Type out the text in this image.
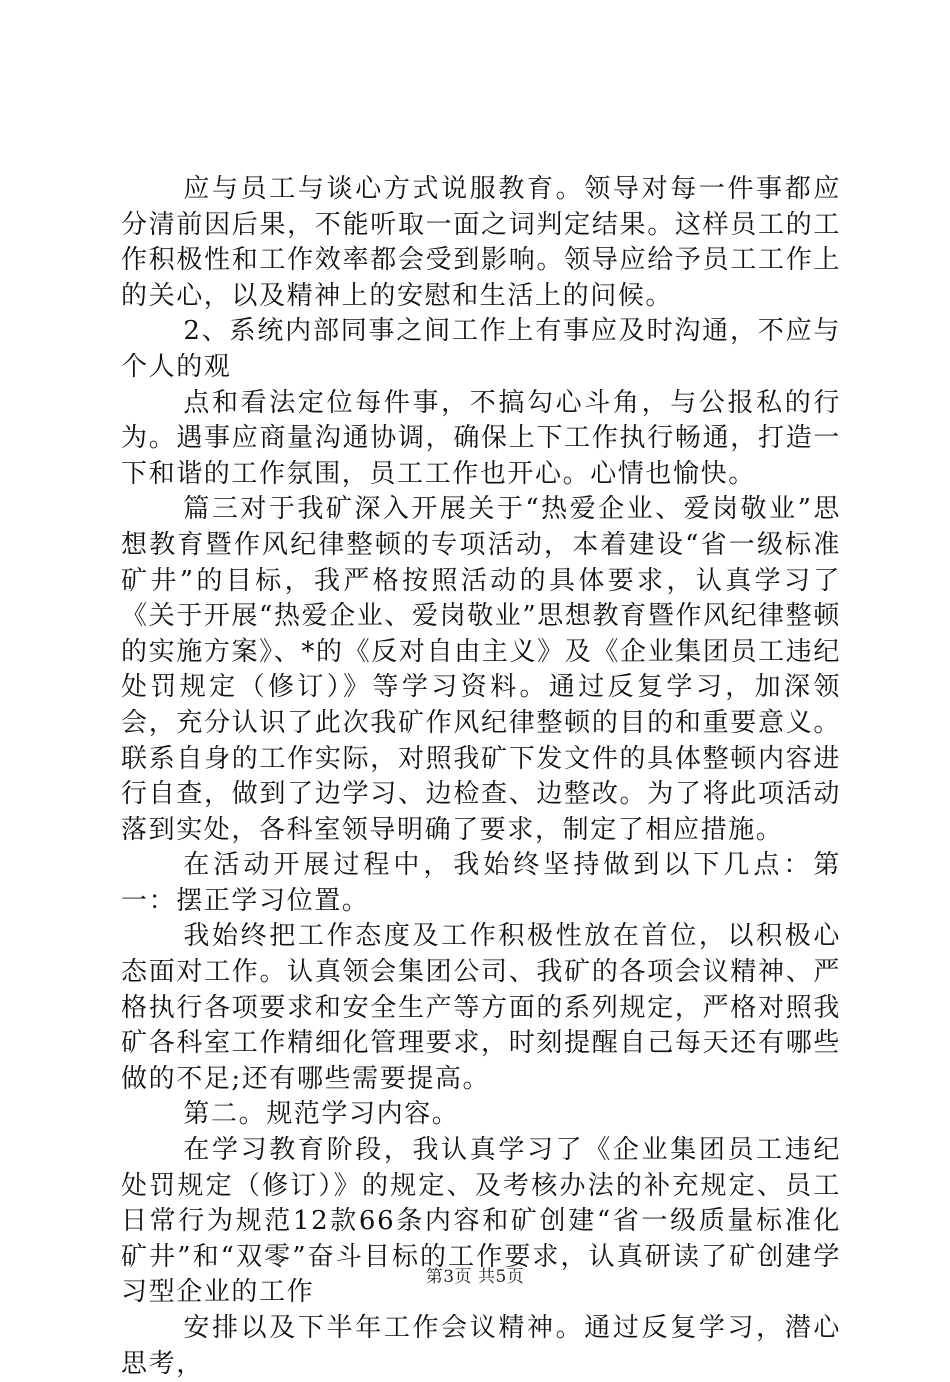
应与员工与谈心方式说服教育。领导对每一件事都应分清前因后果，不能听取一面之词判定结果。这样员工的工作积极性和工作效率都会受到影响。领导应给予员工工作上的关心，以及精神上的安慰和生活上的问候。

2、系统内部同事之间工作上有事应及时沟通，不应与个人的观

点和看法定位每件事，不搞勾心斗角，与公报私的行为。遇事应商量沟通协调，确保上下工作执行畅通，打造一下和谐的工作氛围，员工工作也开心。心情也愉快。

篇三对于我矿深入开展关于“热爱企业、爱岗敬业”思想教育暨作风纪律整顿的专项活动，本着建设“省一级标准矿井”的目标，我严格按照活动的具体要求，认真学习了《关于开展“热爱企业、爱岗敬业”思想教育暨作风纪律整顿的实施方案》、*的《反对自由主义》及《企业集团员工违纪处罚规定（修订）》等学习资料。通过反复学习，加深领会，充分认识了此次我矿作风纪律整顿的目的和重要意义。联系自身的工作实际，对照我矿下发文件的具体整顿内容进行自查，做到了边学习、边检查、边整改。为了将此项活动落到实处，各科室领导明确了要求，制定了相应措施。

在活动开展过程中，我始终坚持做到以下几点：第一：摆正学习位置。

我始终把工作态度及工作积极性放在首位，以积极心态面对工作。认真领会集团公司、我矿的各项会议精神、严格执行各项要求和安全生产等方面的系列规定，严格对照我矿各科室工作精细化管理要求，时刻提醒自己每天还有哪些做的不足;还有哪些需要提高。

第二。规范学习内容。

在学习教育阶段，我认真学习了《企业集团员工违纪处罚规定（修订）》的规定、及考核办法的补充规定、员工日常行为规范12款66条内容和矿创建“省一级质量标准化矿井”和“双零”奋斗目标的工作要求，认真研读了矿创建学习型企业的工作

安排以及下半年工作会议精神。通过反复学习，潜心思考，

第3页 共5页
